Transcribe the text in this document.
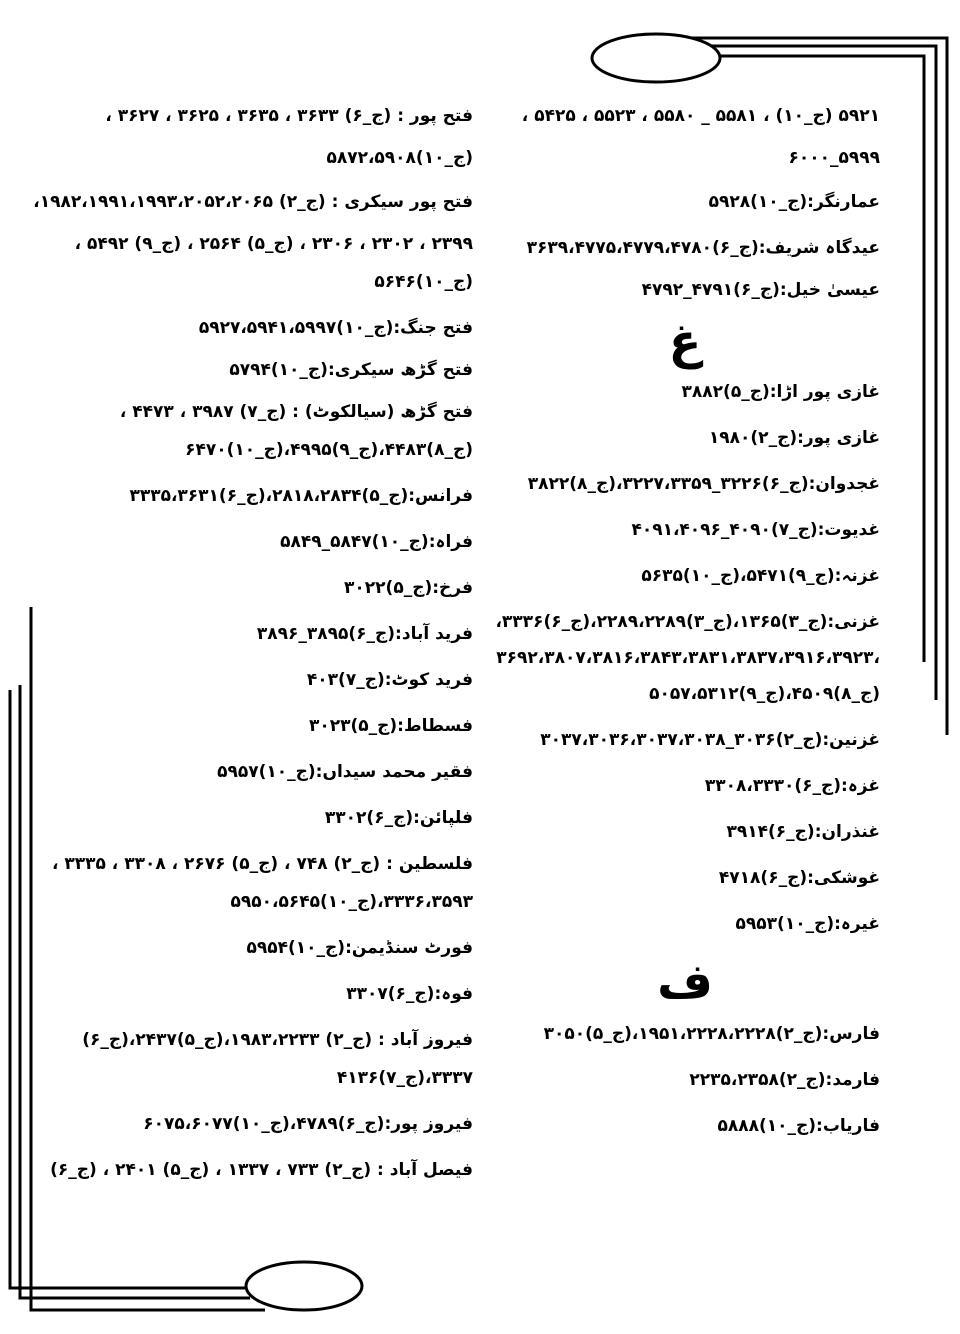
۵۹۲۱ (ج_۱۰) ، ۵۵۸۱ _ ۵۵۸۰ ، ۵۵۲۳ ، ۵۴۲۵ ،
۶۰۰۰_۵۹۹۹
عمارنگر:(ج_۱۰)۵۹۲۸
عیدگاہ شریف:(ج_۶)۳۶۳۹،۴۷۷۵،۴۷۷۹،۴۷۸۰
عیسیٰ خیل:(ج_۶)۴۷۹۱_۴۷۹۲
غ
غازی پور اڑا:(ج_۵)۳۸۸۲
غازی پور:(ج_۲)۱۹۸۰
غجدوان:(ج_۶)۳۲۲۶_۳۲۲۷،۳۳۵۹،(ج_۸)۳۸۲۲
غدیوت:(ج_۷)۴۰۹۰_۴۰۹۱،۴۰۹۶
غزنہ:(ج_۹)۵۴۷۱،(ج_۱۰)۵۶۳۵
غزنی:(ج_۳)۱۳۶۵،(ج_۳)۲۲۸۹،۲۲۸۹،(ج_۶)۳۳۳۶،
۳۶۹۲،۳۸۰۷،۳۸۱۶،۳۸۴۳،۳۸۳۱،۳۸۳۷،۳۹۱۶،۳۹۲۳،
(ج_۸)۴۵۰۹،(ج_۹)۵۰۵۷،۵۳۱۲
غزنین:(ج_۲)۳۰۳۶_۳۰۳۷،۳۰۳۶،۳۰۳۷،۳۰۳۸
غزہ:(ج_۶)۳۳۰۸،۳۳۳۰
غنذران:(ج_۶)۳۹۱۴
غوشکی:(ج_۶)۴۷۱۸
غیرہ:(ج_۱۰)۵۹۵۳
ف
فارس:(ج_۲)۱۹۵۱،۲۲۲۸،۲۲۲۸،(ج_۵)۳۰۵۰
فارمد:(ج_۲)۲۲۳۵،۲۳۵۸
فاریاب:(ج_۱۰)۵۸۸۸
فتح پور : (ج_۶) ۳۶۳۳ ، ۳۶۳۵ ، ۳۶۲۵ ، ۳۶۲۷ ،
(ج_۱۰)۵۸۷۲،۵۹۰۸
فتح پور سیکری : (ج_۲) ۱۹۸۲،۱۹۹۱،۱۹۹۳،۲۰۵۲،۲۰۶۵،
۲۳۹۹ ، ۲۳۰۲ ، ۲۳۰۶ ، (ج_۵) ۲۵۶۴ ، (ج_۹) ۵۴۹۲ ،
(ج_۱۰)۵۶۴۶
فتح جنگ:(ج_۱۰)۵۹۲۷،۵۹۴۱،۵۹۹۷
فتح گڑھ سیکری:(ج_۱۰)۵۷۹۴
فتح گڑھ (سیالکوٹ) : (ج_۷) ۳۹۸۷ ، ۴۴۷۳ ،
(ج_۸)۴۴۸۳،(ج_۹)۴۹۹۵،(ج_۱۰)۶۴۷۰
فرانس:(ج_۵)۲۸۱۸،۲۸۳۴،(ج_۶)۳۳۳۵،۳۶۳۱
فراہ:(ج_۱۰)۵۸۴۷_۵۸۴۹
فرخ:(ج_۵)۳۰۲۲
فرید آباد:(ج_۶)۳۸۹۵_۳۸۹۶
فرید کوٹ:(ج_۷)۴۰۳
فسطاط:(ج_۵)۳۰۲۳
فقیر محمد سیداں:(ج_۱۰)۵۹۵۷
فلپائن:(ج_۶)۳۳۰۲
فلسطین : (ج_۲) ۷۴۸ ، (ج_۵) ۲۶۷۶ ، ۳۳۰۸ ، ۳۳۳۵ ،
۳۳۳۶،۳۵۹۳،(ج_۱۰)۵۹۵۰،۵۶۴۵
فورٹ سنڈیمن:(ج_۱۰)۵۹۵۴
فوہ:(ج_۶)۳۳۰۷
فیروز آباد : (ج_۲) ۱۹۸۳،۲۲۳۳،(ج_۵)۲۴۳۷،(ج_۶)
۳۳۳۷،(ج_۷)۴۱۳۶
فیروز پور:(ج_۶)۴۷۸۹،(ج_۱۰)۶۰۷۵،۶۰۷۷
فیصل آباد : (ج_۲) ۷۳۳ ، ۱۳۳۷ ، (ج_۵) ۲۴۰۱ ، (ج_۶)
